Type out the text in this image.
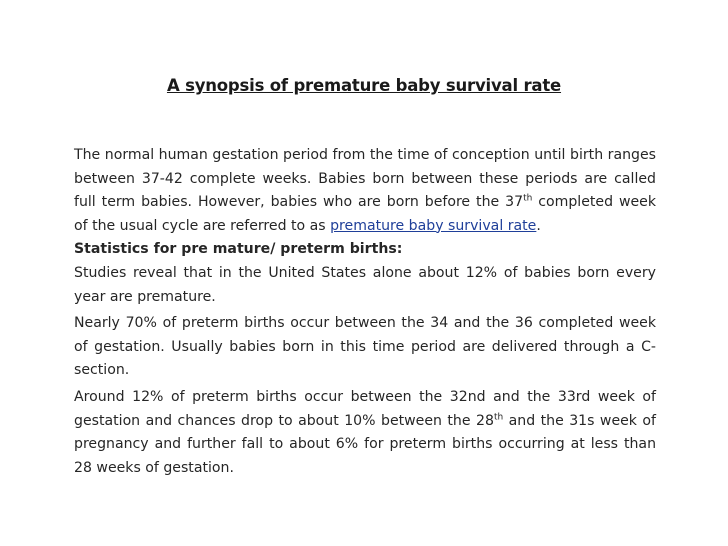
A synopsis of premature baby survival rate

The normal human gestation period from the time of conception until birth ranges between 37-42 complete weeks. Babies born between these periods are called full term babies. However, babies who are born before the 37th completed week of the usual cycle are referred to as premature baby survival rate.

Statistics for pre mature/ preterm births:

Studies reveal that in the United States alone about 12% of babies born every year are premature.

Nearly 70% of preterm births occur between the 34 and the 36 completed week of gestation. Usually babies born in this time period are delivered through a C-section.

Around 12% of preterm births occur between the 32nd and the 33rd week of gestation and chances drop to about 10% between the 28th and the 31s week of pregnancy and further fall to about 6% for preterm births occurring at less than 28 weeks of gestation.
